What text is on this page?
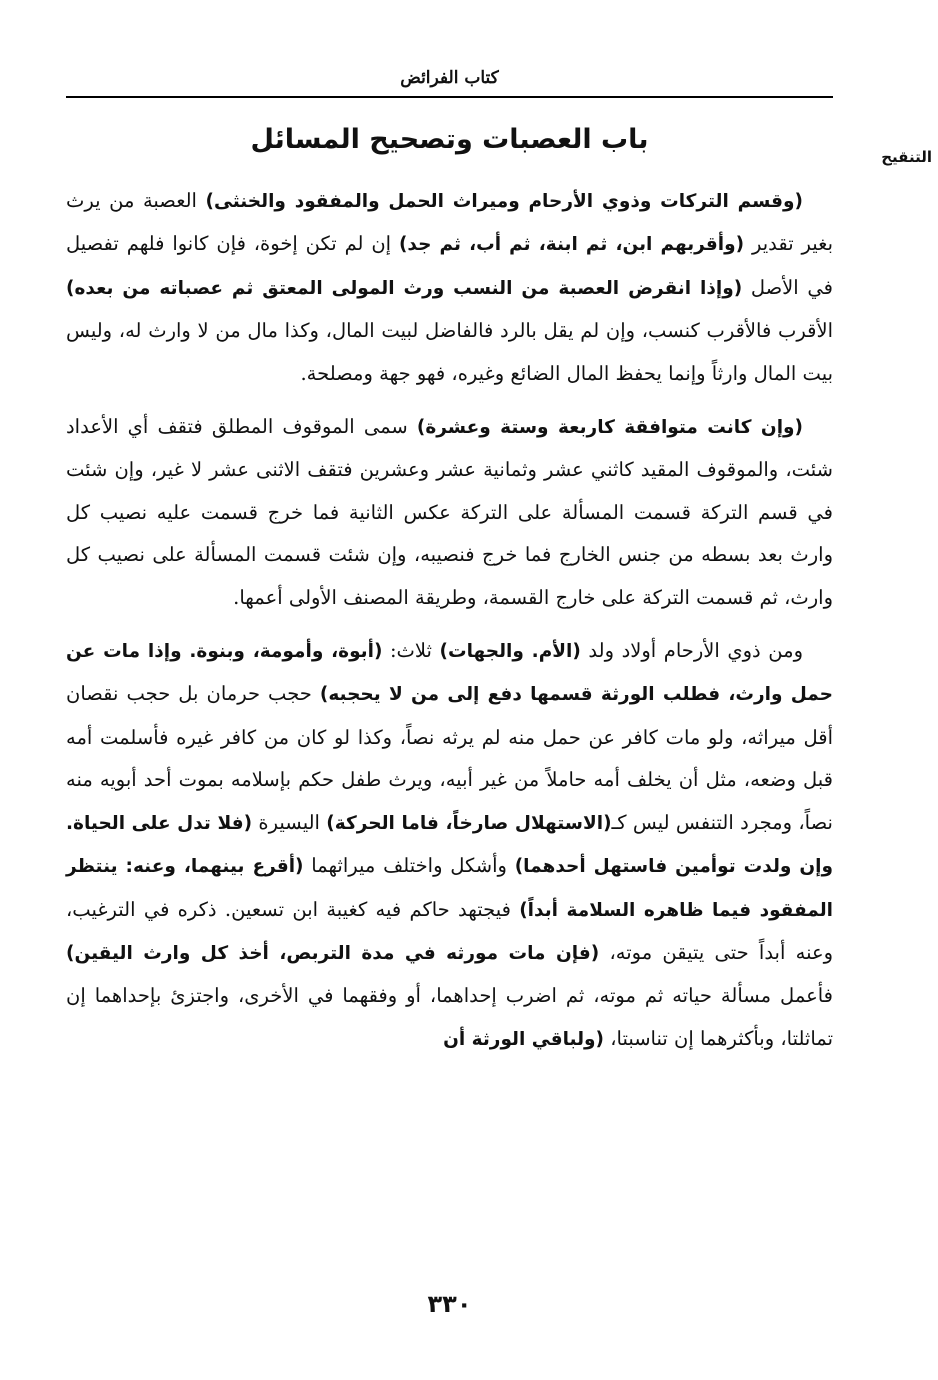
كتاب الفرائض
التنقيح
باب العصبات وتصحيح المسائل

(وقسم التركات وذوي الأرحام وميراث الحمل والمفقود والخنثى) العصبة من يرث بغير تقدير (وأقربهم ابن، ثم ابنة، ثم أب، ثم جد) إن لم تكن إخوة، فإن كانوا فلهم تفصيل في الأصل (وإذا انقرض العصبة من النسب ورث المولى المعتق ثم عصباته من بعده) الأقرب فالأقرب كنسب، وإن لم يقل بالرد فالفاضل لبيت المال، وكذا مال من لا وارث له، وليس بيت المال وارثاً وإنما يحفظ المال الضائع وغيره، فهو جهة ومصلحة.

(وإن كانت متوافقة كاربعة وستة وعشرة) سمى الموقوف المطلق فتقف أي الأعداد شئت، والموقوف المقيد كاثني عشر وثمانية عشر وعشرين فتقف الاثنى عشر لا غير، وإن شئت في قسم التركة قسمت المسألة على التركة عكس الثانية فما خرج قسمت عليه نصيب كل وارث بعد بسطه من جنس الخارج فما خرج فنصيبه، وإن شئت قسمت المسألة على نصيب كل وارث، ثم قسمت التركة على خارج القسمة، وطريقة المصنف الأولى أعمها.

ومن ذوي الأرحام أولاد ولد (الأم. والجهات) ثلاث: (أبوة، وأمومة، وبنوة. وإذا مات عن حمل وارث، فطلب الورثة قسمها دفع إلى من لا يحجبه) حجب حرمان بل حجب نقصان أقل ميراثه، ولو مات كافر عن حمل منه لم يرثه نصاً، وكذا لو كان من كافر غيره فأسلمت أمه قبل وضعه، مثل أن يخلف أمه حاملاً من غير أبيه، ويرث طفل حكم بإسلامه بموت أحد أبويه منه نصاً، ومجرد التنفس ليس كـ(الاستهلال صارخاً، فاما الحركة) اليسيرة (فلا تدل على الحياة. وإن ولدت توأمين فاستهل أحدهما) وأشكل واختلف ميراثهما (أقرع بينهما، وعنه: ينتظر المفقود فيما ظاهره السلامة أبداً) فيجتهد حاكم فيه كغيبة ابن تسعين. ذكره في الترغيب، وعنه أبداً حتى يتيقن موته، (فإن مات مورثه في مدة التربص، أخذ كل وارث اليقين) فأعمل مسألة حياته ثم موته، ثم اضرب إحداهما، أو وفقهما في الأخرى، واجتزئ بإحداهما إن تماثلتا، وبأكثرهما إن تناسبتا، (ولباقي الورثة أن

٣٣٠
